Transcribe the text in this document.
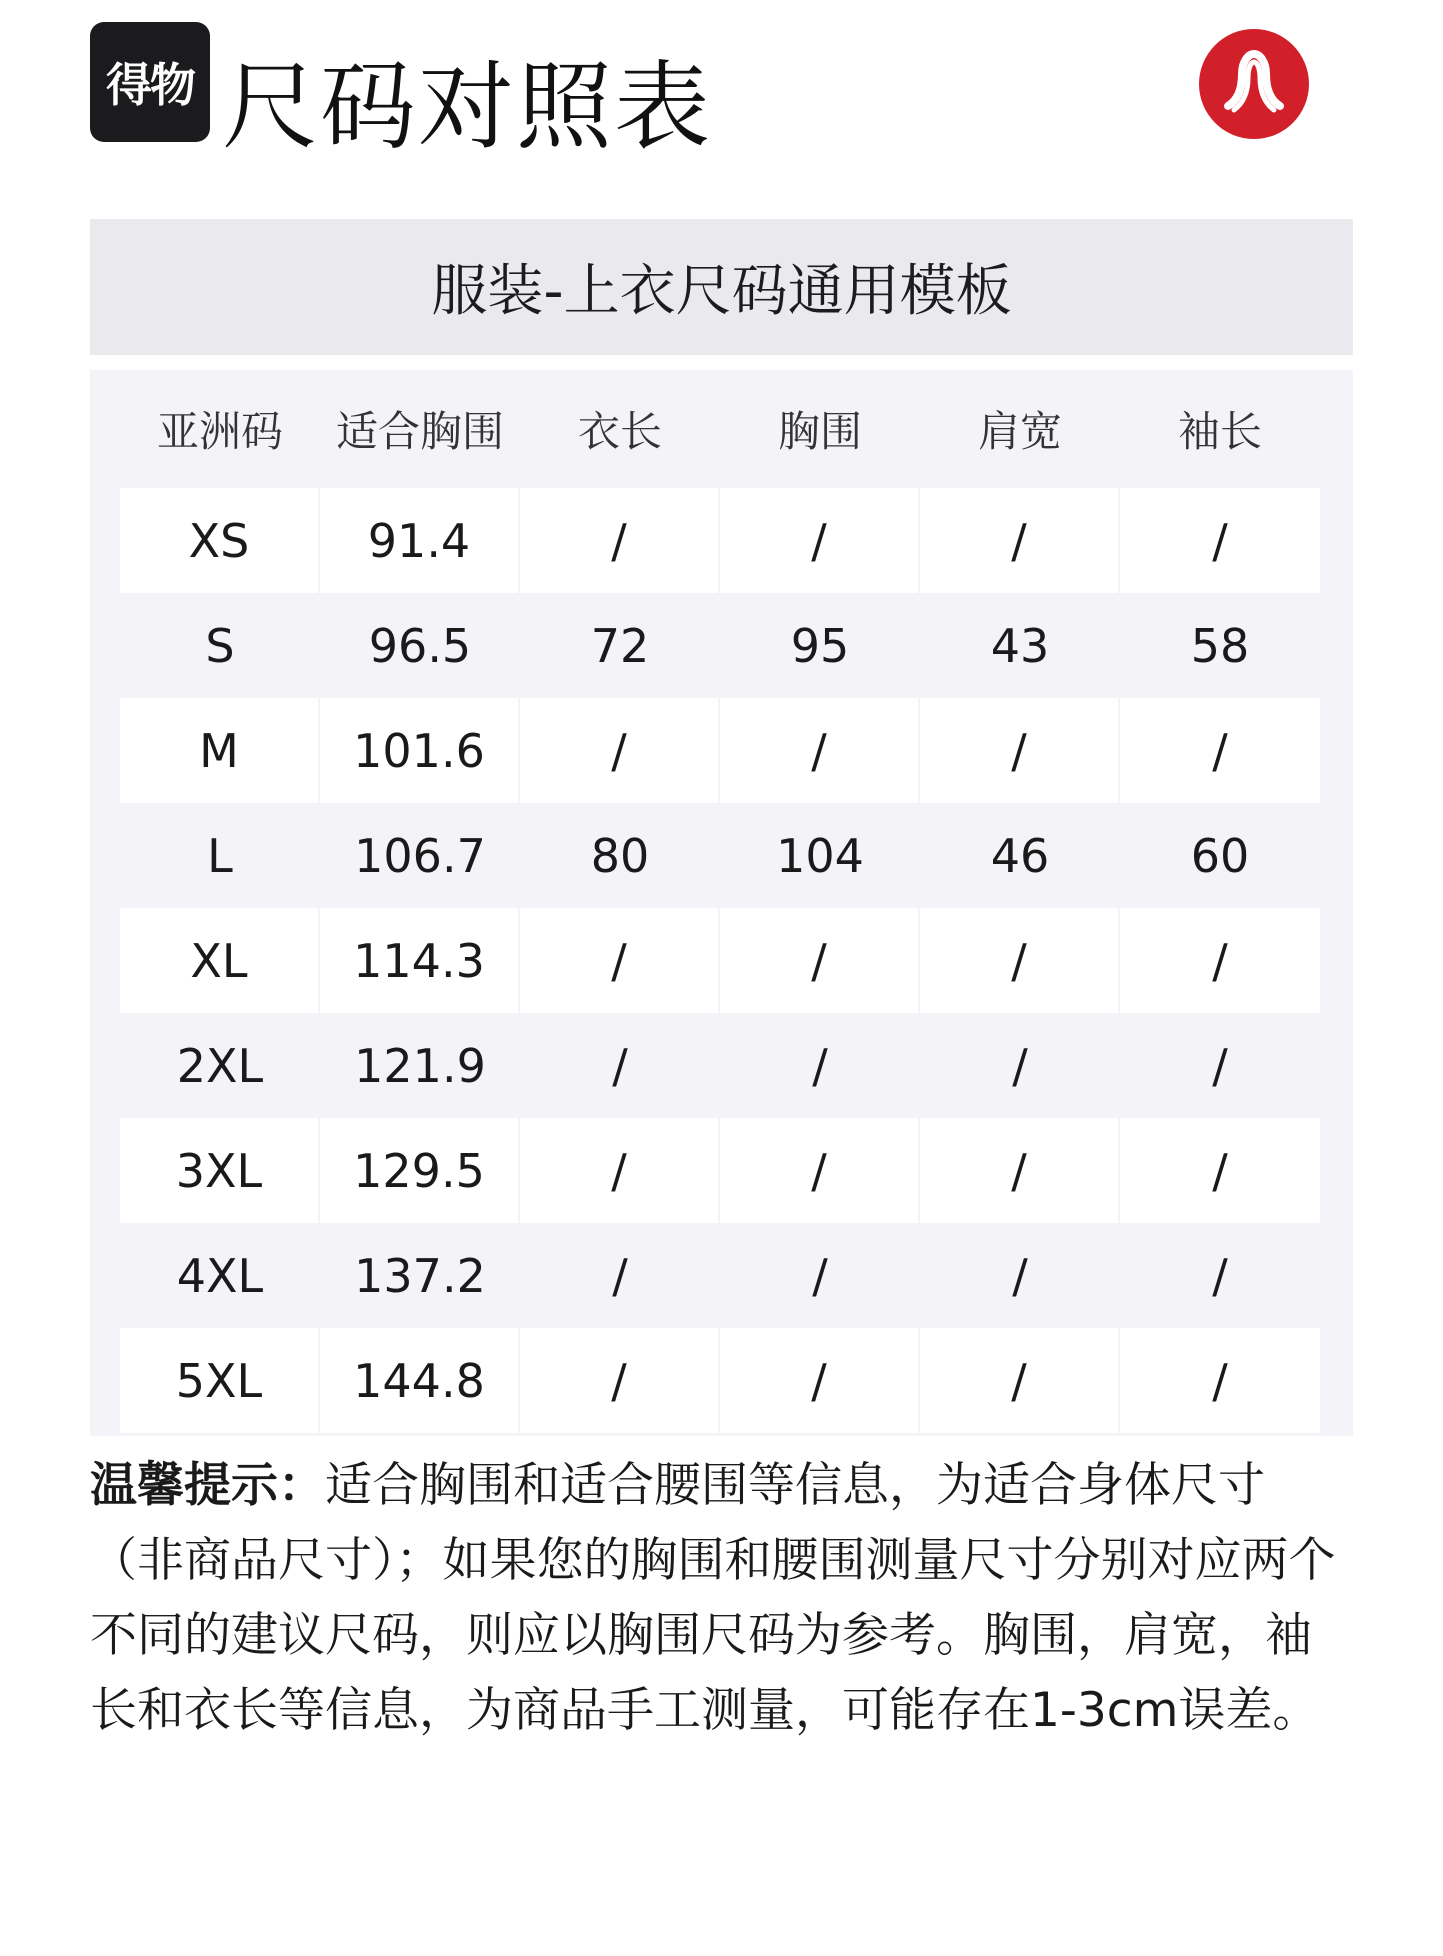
得物 尺码对照表
服装-上衣尺码通用模板
亚洲码	适合胸围	衣长	胸围	肩宽	袖长
XS	91.4	/	/	/	/
S	96.5	72	95	43	58
M	101.6	/	/	/	/
L	106.7	80	104	46	60
XL	114.3	/	/	/	/
2XL	121.9	/	/	/	/
3XL	129.5	/	/	/	/
4XL	137.2	/	/	/	/
5XL	144.8	/	/	/	/
温馨提示：适合胸围和适合腰围等信息，为适合身体尺寸（非商品尺寸）；如果您的胸围和腰围测量尺寸分别对应两个不同的建议尺码，则应以胸围尺码为参考。胸围，肩宽，袖长和衣长等信息，为商品手工测量，可能存在1-3cm误差。
